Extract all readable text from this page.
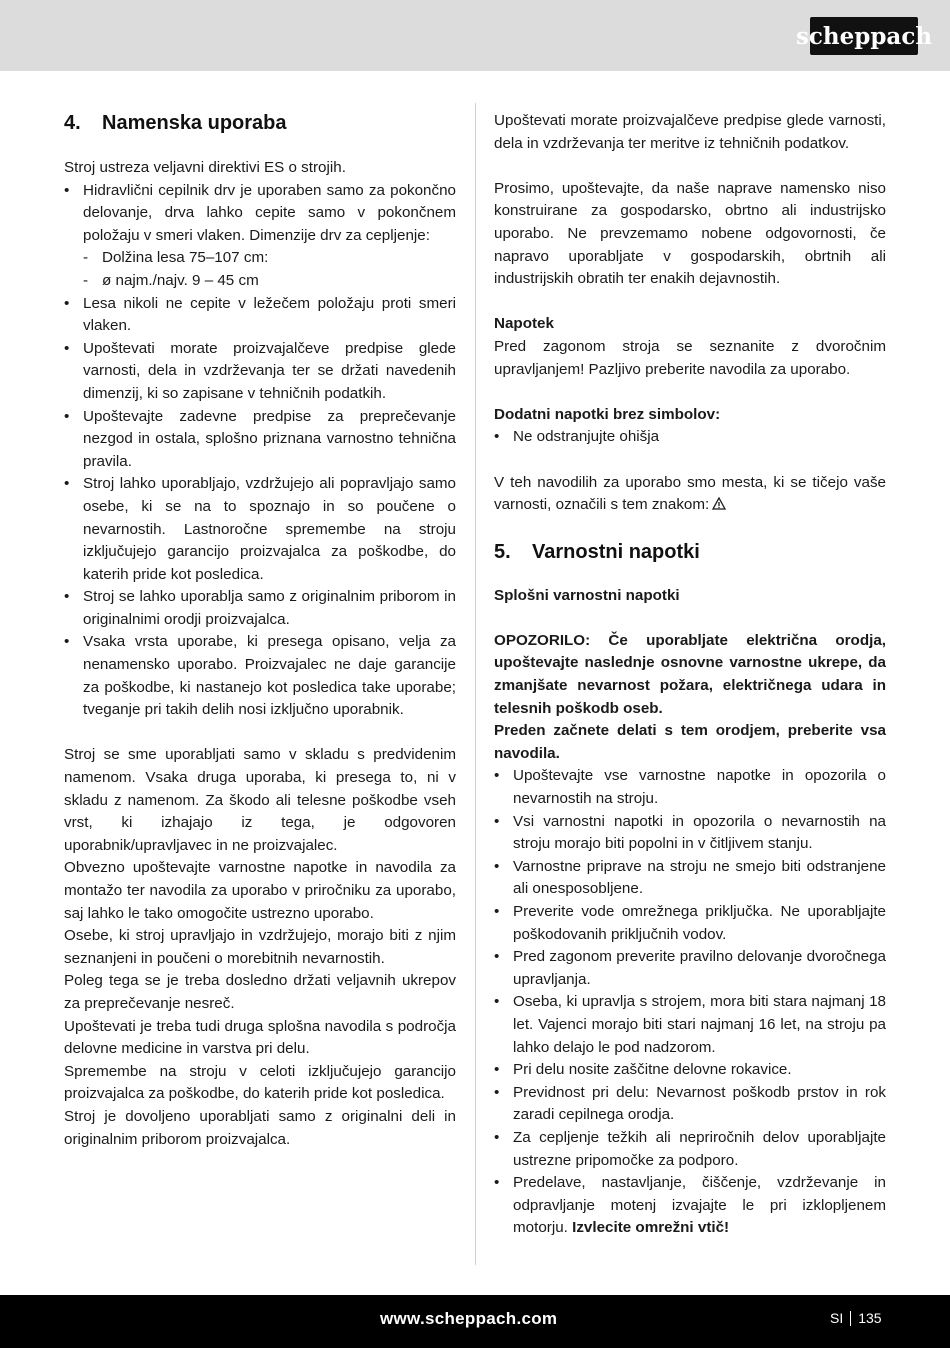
scheppach
4.	Namenska uporaba
Stroj ustreza veljavni direktivi ES o strojih.
• Hidravlični cepilnik drv je uporaben samo za pokončno delovanje, drva lahko cepite samo v pokončnem položaju v smeri vlaken. Dimenzije drv za cepljenje:
- Dolžina lesa 75–107 cm:
- ø najm./najv. 9 – 45 cm
• Lesa nikoli ne cepite v ležečem položaju proti smeri vlaken.
• Upoštevati morate proizvajalčeve predpise glede varnosti, dela in vzdrževanja ter se držati navedenih dimenzij, ki so zapisane v tehničnih podatkih.
• Upoštevajte zadevne predpise za preprečevanje nezgod in ostala, splošno priznana varnostno tehnična pravila.
• Stroj lahko uporabljajo, vzdržujejo ali popravljajo samo osebe, ki se na to spoznajo in so poučene o nevarnostih. Lastnoročne spremembe na stroju izključujejo garancijo proizvajalca za poškodbe, do katerih pride kot posledica.
• Stroj se lahko uporablja samo z originalnim priborom in originalnimi orodji proizvajalca.
• Vsaka vrsta uporabe, ki presega opisano, velja za nenamensko uporabo. Proizvajalec ne daje garancije za poškodbe, ki nastanejo kot posledica take uporabe; tveganje pri takih delih nosi izključno uporabnik.
Stroj se sme uporabljati samo v skladu s predvidenim namenom. Vsaka druga uporaba, ki presega to, ni v skladu z namenom. Za škodo ali telesne poškodbe vseh vrst, ki izhajajo iz tega, je odgovoren uporabnik/upravljavec in ne proizvajalec.
Obvezno upoštevajte varnostne napotke in navodila za montažo ter navodila za uporabo v priročniku za uporabo, saj lahko le tako omogočite ustrezno uporabo.
Osebe, ki stroj upravljajo in vzdržujejo, morajo biti z njim seznanjeni in poučeni o morebitnih nevarnostih.
Poleg tega se je treba dosledno držati veljavnih ukrepov za preprečevanje nesreč.
Upoštevati je treba tudi druga splošna navodila s področja delovne medicine in varstva pri delu.
Spremembe na stroju v celoti izključujejo garancijo proizvajalca za poškodbe, do katerih pride kot posledica.
Stroj je dovoljeno uporabljati samo z originalni deli in originalnim priborom proizvajalca.
Upoštevati morate proizvajalčeve predpise glede varnosti, dela in vzdrževanja ter meritve iz tehničnih podatkov.
Prosimo, upoštevajte, da naše naprave namensko niso konstruirane za gospodarsko, obrtno ali industrijsko uporabo. Ne prevzemamo nobene odgovornosti, če napravo uporabljate v gospodarskih, obrtnih ali industrijskih obratih ter enakih dejavnostih.
Napotek
Pred zagonom stroja se seznanite z dvoročnim upravljanjem! Pazljivo preberite navodila za uporabo.
Dodatni napotki brez simbolov:
• Ne odstranjujte ohišja
V teh navodilih za uporabo smo mesta, ki se tičejo vaše varnosti, označili s tem znakom:
5.	Varnostni napotki
Splošni varnostni napotki
OPOZORILO: Če uporabljate električna orodja, upoštevajte naslednje osnovne varnostne ukrepe, da zmanjšate nevarnost požara, električnega udara in telesnih poškodb oseb.
Preden začnete delati s tem orodjem, preberite vsa navodila.
• Upoštevajte vse varnostne napotke in opozorila o nevarnostih na stroju.
• Vsi varnostni napotki in opozorila o nevarnostih na stroju morajo biti popolni in v čitljivem stanju.
• Varnostne priprave na stroju ne smejo biti odstranjene ali onesposobljene.
• Preverite vode omrežnega priključka. Ne uporabljajte poškodovanih priključnih vodov.
• Pred zagonom preverite pravilno delovanje dvoročnega upravljanja.
• Oseba, ki upravlja s strojem, mora biti stara najmanj 18 let. Vajenci morajo biti stari najmanj 16 let, na stroju pa lahko delajo le pod nadzorom.
• Pri delu nosite zaščitne delovne rokavice.
• Previdnost pri delu: Nevarnost poškodb prstov in rok zaradi cepilnega orodja.
• Za cepljenje težkih ali nepriročnih delov uporabljajte ustrezne pripomočke za podporo.
• Predelave, nastavljanje, čiščenje, vzdrževanje in odpravljanje motenj izvajajte le pri izklopljenem motorju. Izvlecite omrežni vtič!
www.scheppach.com	SI 135
